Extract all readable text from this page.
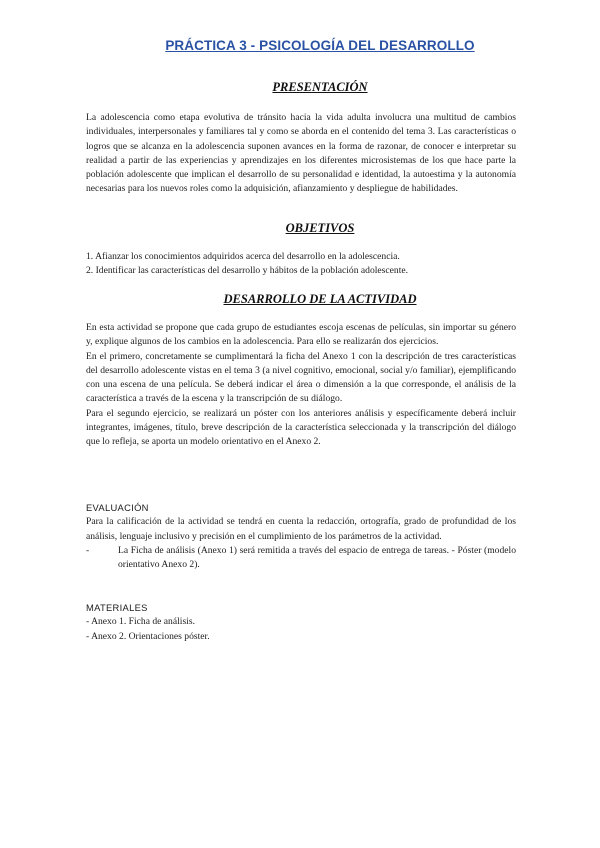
PRÁCTICA 3 - PSICOLOGÍA DEL DESARROLLO
PRESENTACIÓN

La adolescencia como etapa evolutiva de tránsito hacia la vida adulta involucra una multitud de cambios individuales, interpersonales y familiares tal y como se aborda en el contenido del tema 3. Las características o logros que se alcanza en la adolescencia suponen avances en la forma de razonar, de conocer e interpretar su realidad a partir de las experiencias y aprendizajes en los diferentes microsistemas de los que hace parte la población adolescente que implican el desarrollo de su personalidad e identidad, la autoestima y la autonomía necesarias para los nuevos roles como la adquisición, afianzamiento y despliegue de habilidades.

OBJETIVOS

1. Afianzar los conocimientos adquiridos acerca del desarrollo en la adolescencia.

2. Identificar las características del desarrollo y hábitos de la población adolescente.

DESARROLLO DE LA ACTIVIDAD

En esta actividad se propone que cada grupo de estudiantes escoja escenas de películas, sin importar su género y, explique algunos de los cambios en la adolescencia. Para ello se realizarán dos ejercicios.

En el primero, concretamente se cumplimentará la ficha del Anexo 1 con la descripción de tres características del desarrollo adolescente vistas en el tema 3 (a nivel cognitivo, emocional, social y/o familiar), ejemplificando con una escena de una película. Se deberá indicar el área o dimensión a la que corresponde, el análisis de la característica a través de la escena y la transcripción de su diálogo.

Para el segundo ejercicio, se realizará un póster con los anteriores análisis y específicamente deberá incluir integrantes, imágenes, título, breve descripción de la característica seleccionada y la transcripción del diálogo que lo refleja, se aporta un modelo orientativo en el Anexo 2.

EVALUACIÓN

Para la calificación de la actividad se tendrá en cuenta la redacción, ortografía, grado de profundidad de los análisis, lenguaje inclusivo y precisión en el cumplimiento de los parámetros de la actividad.

-	La Ficha de análisis (Anexo 1) será remitida a través del espacio de entrega de tareas. - Póster (modelo orientativo Anexo 2).

MATERIALES

- Anexo 1. Ficha de análisis.

- Anexo 2. Orientaciones póster.
